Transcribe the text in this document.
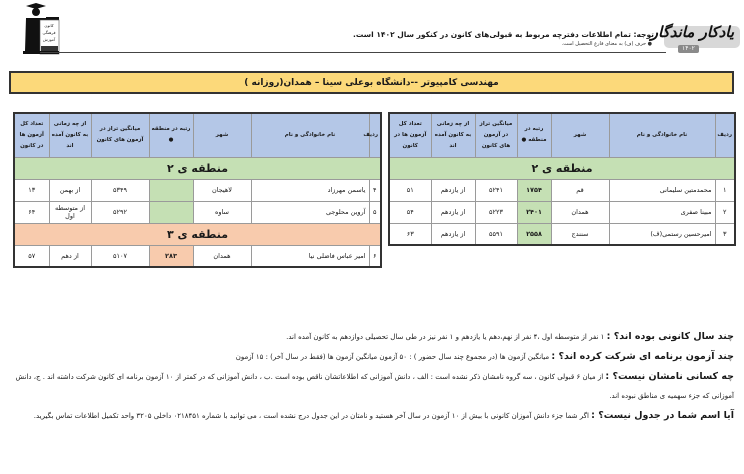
کانون
فرهنگی
آموزش
توجه: تمام اطلاعات دفترچه مربوط به قبولی‌های کانون در کنکور سال ۱۴۰۲ است.
● حرف (ف) به معنای فارغ التحصیل است.
یادکار ماندگار
۱۴۰۲
مهندسی کامپیوتر --دانشگاه بوعلی سینا – همدان(روزانه )
ردیف	نام خانوادگی و نام	شهر	رتبه در منطقه ●	میانگین تراز در آزمون های کانون	از چه زمانی به کانون آمده اند	تعداد کل آزمون ها در کانون
منطقه ی ۲						
۱	محمدمتین سلیمانی	قم	۱۷۵۴	۵۲۴۱	از یازدهم	۵۱
۲	مبینا صفری	همدان	۲۴۰۱	۵۲۲۳	از یازدهم	۵۴
۳	امیرحسین رستمی(ف)	سنندج	۲۵۵۸	۵۵۹۱	از یازدهم	۶۳
ردیف	نام خانوادگی و نام	شهر	رتبه در منطقه ●	میانگین تراز در آزمون های کانون	از چه زمانی به کانون آمده اند	تعداد کل آزمون ها در کانون
منطقه ی ۲						
۴	یاسمن مهرزاد	لاهیجان		۵۳۴۹	از بهمن	۱۳
۵	آروین محلوجی	ساوه		۵۲۹۲	از متوسطه اول	۶۴
منطقه ی ۳						
۶	امیر عباس فاضلی نیا	همدان	۲۸۳	۵۱۰۷	از دهم	۵۷

چند سال کانونی بوده اند؟ : ۱ نفر از متوسطه اول ،۴ نفر از نهم،دهم یا یازدهم و ۱ نفر نیز در طی سال تحصیلی دوازدهم به کانون آمده اند.

چند آزمون برنامه ای شرکت کرده اند؟ : میانگین آزمون ها (در مجموع چند سال حضور ) : ۵۰ آزمون میانگین آزمون ها (فقط در سال آخر) : ۱۵ آزمون

چه کسانی نامشان نیست؟ : از میان ۶ قبولی کانون ، سه گروه نامشان ذکر نشده است : الف ، دانش آموزانی که اطلاعاتشان ناقص بوده است .ب ، دانش آموزانی که در کمتر از ۱۰ آزمون برنامه ای کانون شرکت داشته اند . ج، دانش آموزانی که جزء سهمیه ی مناطق نبوده اند.

آیا اسم شما در جدول نیست؟ : اگر شما جزء دانش آموزان کانونی با بیش از ۱۰ آزمون در سال آخر هستید و نامتان در این جدول درج نشده است ، می توانید با شماره ۰۲۱۸۴۵۱ داخلی ۳۲۰۵ واحد تکمیل اطلاعات تماس بگیرید.
